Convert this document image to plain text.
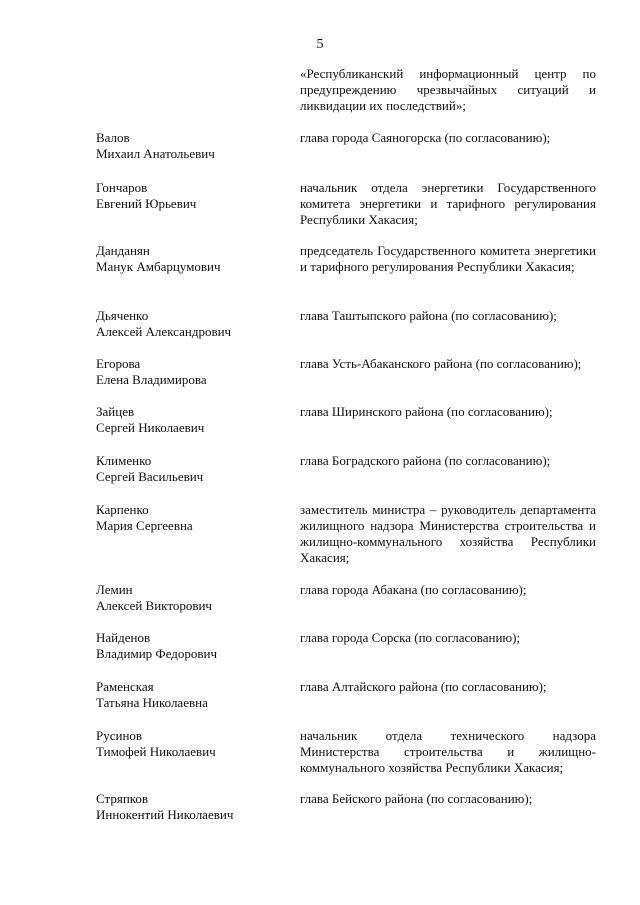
5
«Республиканский информационный центр по предупреждению чрезвычайных ситуаций и ликвидации их последствий»;
Валов
Михаил Анатольевич
глава города Саяногорска (по согласованию);
Гончаров
Евгений Юрьевич
начальник отдела энергетики Государственного комитета энергетики и тарифного регулирования Республики Хакасия;
Данданян
Манук Амбарцумович
председатель Государственного комитета энергетики и тарифного регулирования Республики Хакасия;
Дьяченко
Алексей Александрович
глава Таштыпского района (по согласованию);
Егорова
Елена Владимирова
глава Усть-Абаканского района (по согласованию);
Зайцев
Сергей Николаевич
глава Ширинского района (по согласованию);
Клименко
Сергей Васильевич
глава Боградского района (по согласованию);
Карпенко
Мария Сергеевна
заместитель министра – руководитель департамента жилищного надзора Министерства строительства и жилищно-коммунального хозяйства Республики Хакасия;
Лемин
Алексей Викторович
глава города Абакана (по согласованию);
Найденов
Владимир Федорович
глава города Сорска (по согласованию);
Раменская
Татьяна Николаевна
глава Алтайского района (по согласованию);
Русинов
Тимофей Николаевич
начальник отдела технического надзора Министерства строительства и жилищно-коммунального хозяйства Республики Хакасия;
Стряпков
Иннокентий Николаевич
глава Бейского района (по согласованию);
